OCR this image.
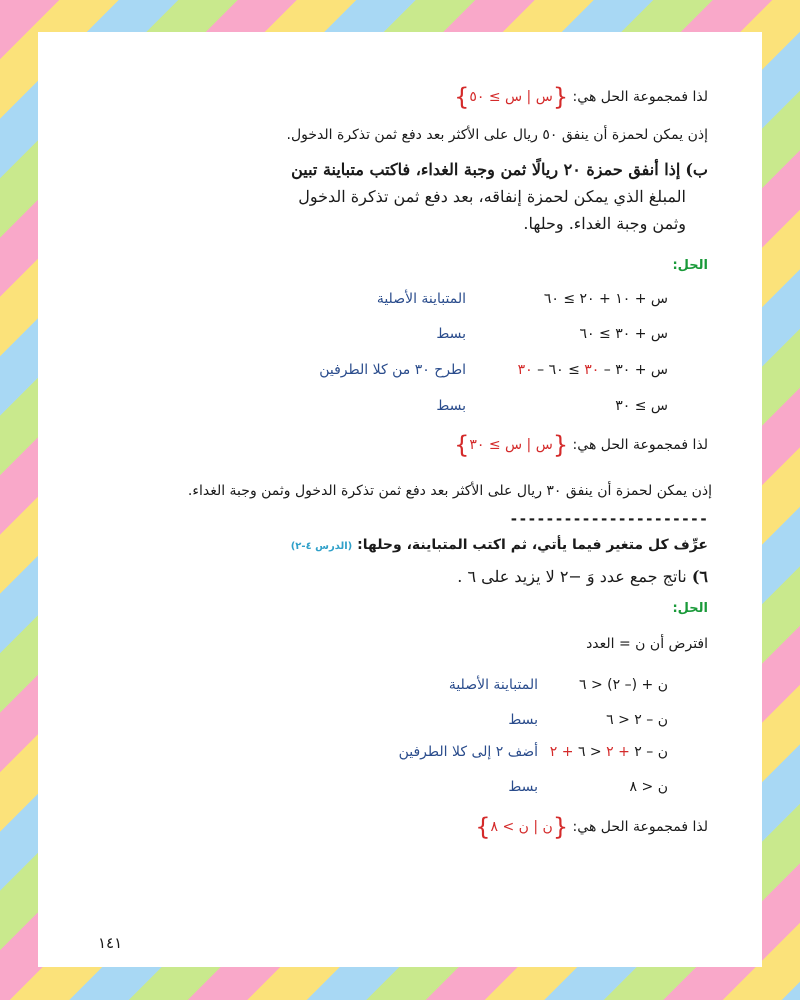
لذا فمجموعة الحل هي: {س | س ≥ ٥٠}
إذن يمكن لحمزة أن ينفق ٥٠ ريال على الأكثر بعد دفع ثمن تذكرة الدخول.
ب) إذا أنفق حمزة ٢٠ ريالًا ثمن وجبة الغداء، فاكتب متباينة تبين
المبلغ الذي يمكن لحمزة إنفاقه، بعد دفع ثمن تذكرة الدخول
وثمن وجبة الغداء. وحلها.
الحل:
س + ١٠ + ٢٠ ≥ ٦٠
المتباينة الأصلية
س + ٣٠ ≥ ٦٠
بسط
س + ٣٠ – ٣٠ ≥ ٦٠ – ٣٠
اطرح ٣٠ من كلا الطرفين
س ≥ ٣٠
بسط
لذا فمجموعة الحل هي: {س | س ≥ ٣٠}
إذن يمكن لحمزة أن ينفق ٣٠ ريال على الأكثر بعد دفع ثمن تذكرة الدخول وثمن وجبة الغداء.
----------------------
عرِّف كل متغير فيما يأتي، ثم اكتب المتباينة، وحلها: (الدرس ٤-٢)
٦) ناتج جمع عدد وَ −٢ لا يزيد على ٦ .
الحل:
افترض أن ن = العدد
ن + (– ٢) < ٦
المتباينة الأصلية
ن – ٢ < ٦
بسط
ن – ٢ + ٢ < ٦ + ٢
أضف ٢ إلى كلا الطرفين
ن < ٨
بسط
لذا فمجموعة الحل هي: {ن | ن > ٨}
١٤١
